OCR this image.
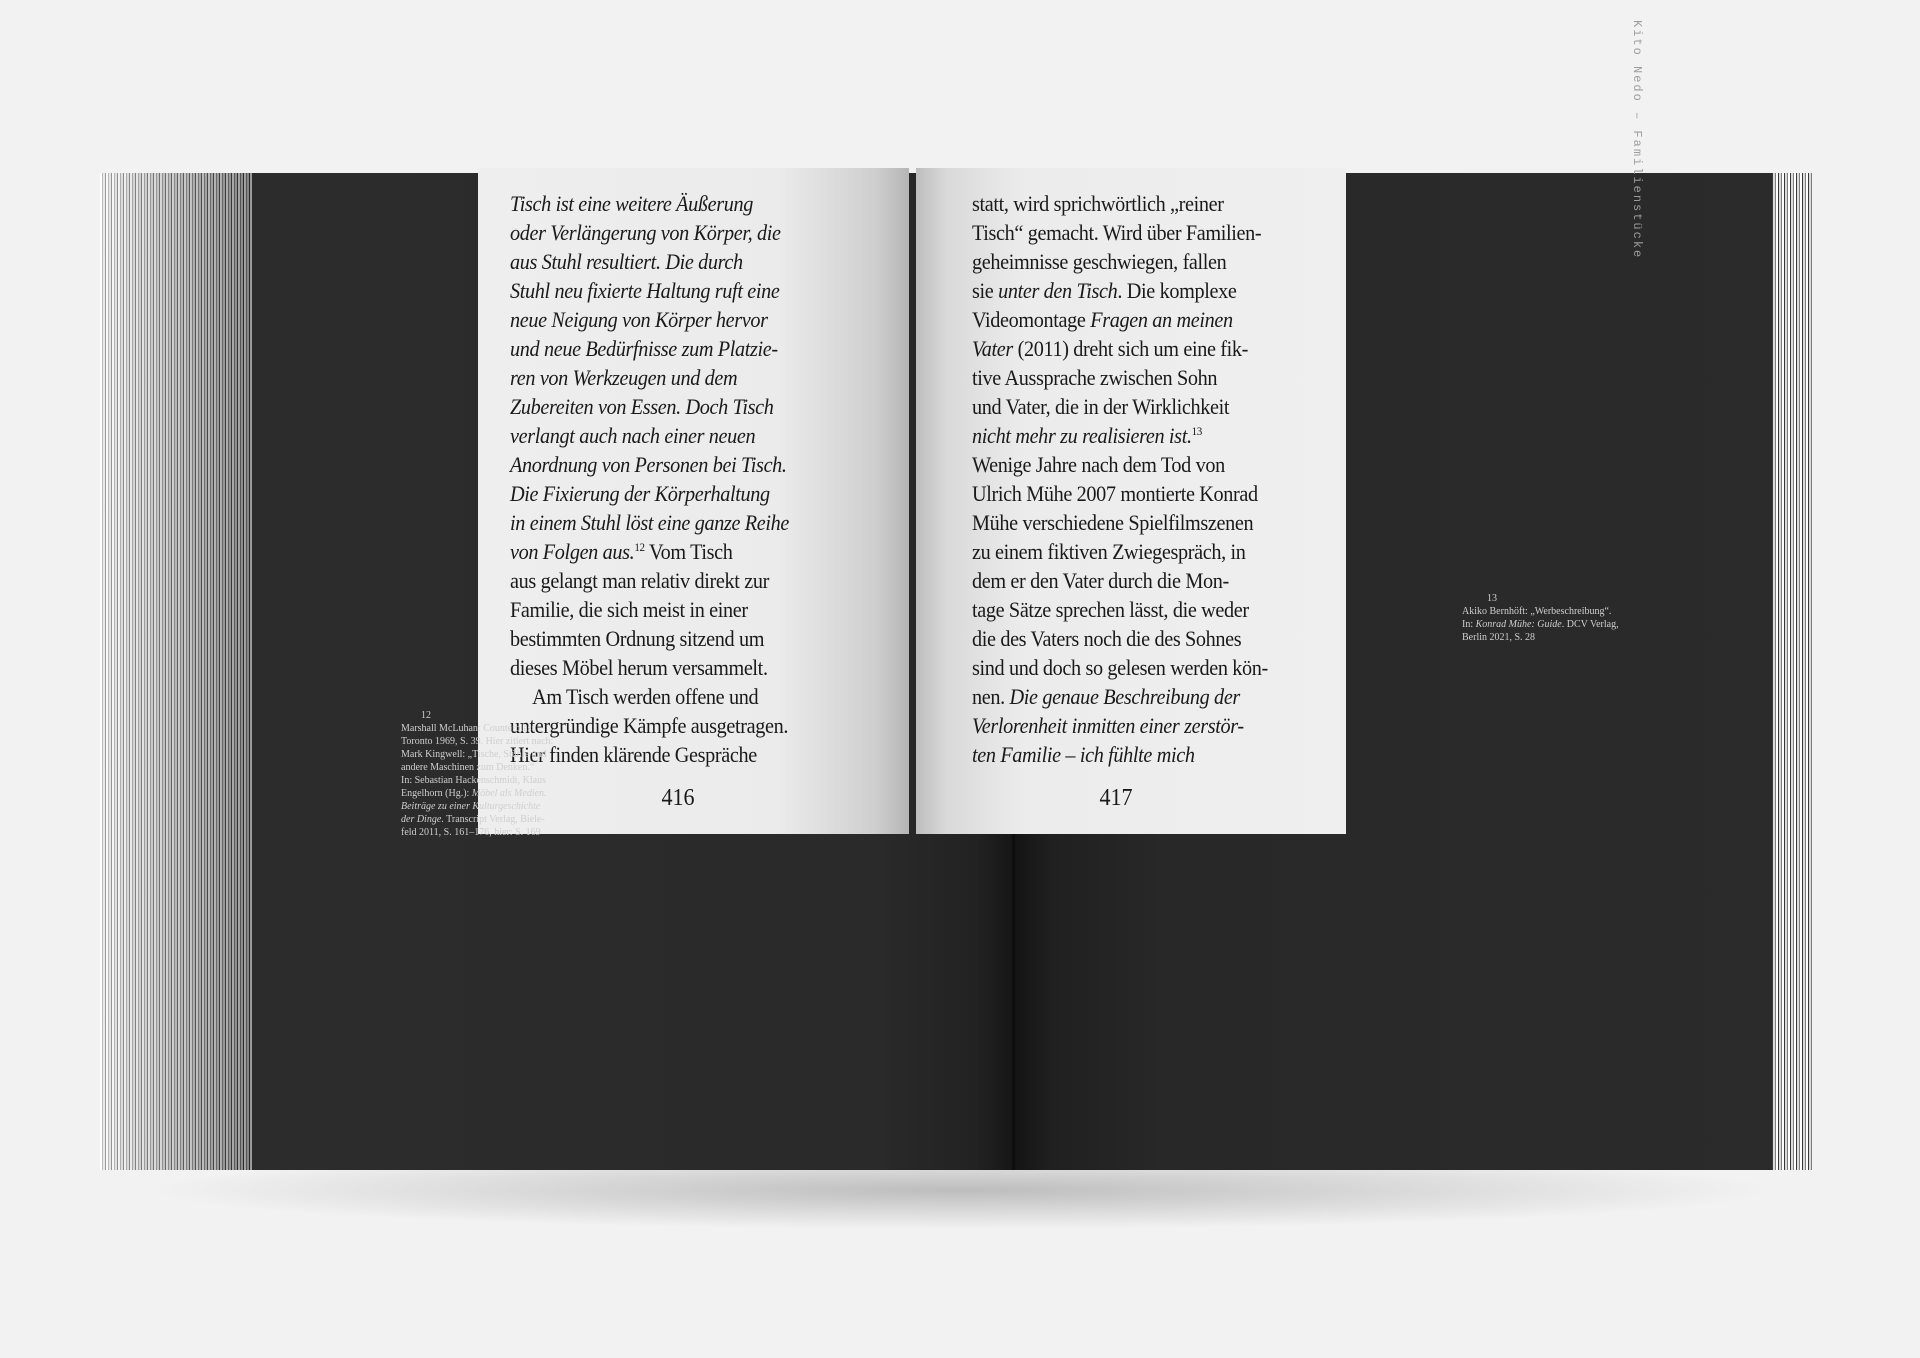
Kito Nedo – Familienstücke
Tisch ist eine weitere Äußerung
oder Verlängerung von Körper, die
aus Stuhl resultiert. Die durch
Stuhl neu fixierte Haltung ruft eine
neue Neigung von Körper hervor
und neue Bedürfnisse zum Platzie-
ren von Werkzeugen und dem
Zubereiten von Essen. Doch Tisch
verlangt auch nach einer neuen
Anordnung von Personen bei Tisch.
Die Fixierung der Körperhaltung
in einem Stuhl löst eine ganze Reihe
von Folgen aus.$^{12}$ Vom Tisch
aus gelangt man relativ direkt zur
Familie, die sich meist in einer
bestimmten Ordnung sitzend um
dieses Möbel herum versammelt.
Am Tisch werden offene und
untergründige Kämpfe ausgetragen.
Hier finden klärende Gespräche
416
statt, wird sprichwörtlich „reiner
Tisch“ gemacht. Wird über Familien-
geheimnisse geschwiegen, fallen
sie unter den Tisch. Die komplexe
Videomontage Fragen an meinen
Vater (2011) dreht sich um eine fik-
tive Aussprache zwischen Sohn
und Vater, die in der Wirklichkeit
nicht mehr zu realisieren ist.$^{13}$
Wenige Jahre nach dem Tod von
Ulrich Mühe 2007 montierte Konrad
Mühe verschiedene Spielfilmszenen
zu einem fiktiven Zwiegespräch, in
dem er den Vater durch die Mon-
tage Sätze sprechen lässt, die weder
die des Vaters noch die des Sohnes
sind und doch so gelesen werden kön-
nen. Die genaue Beschreibung der
Verlorenheit inmitten einer zerstör-
ten Familie – ich fühlte mich
417
12
Marshall McLuhan: Counterblast.
Toronto 1969, S. 39. Hier zitiert nach:
Mark Kingwell: „Tische, Stühle und
andere Maschinen zum Denken.“
In: Sebastian Hackenschmidt, Klaus
Engelhorn (Hg.): Möbel als Medien.
Beiträge zu einer Kulturgeschichte
der Dinge. Transcript Verlag, Biele-
feld 2011, S. 161–176, hier: S. 169
13
Akiko Bernhöft: „Werbeschreibung“.
In: Konrad Mühe: Guide. DCV Verlag,
Berlin 2021, S. 28
